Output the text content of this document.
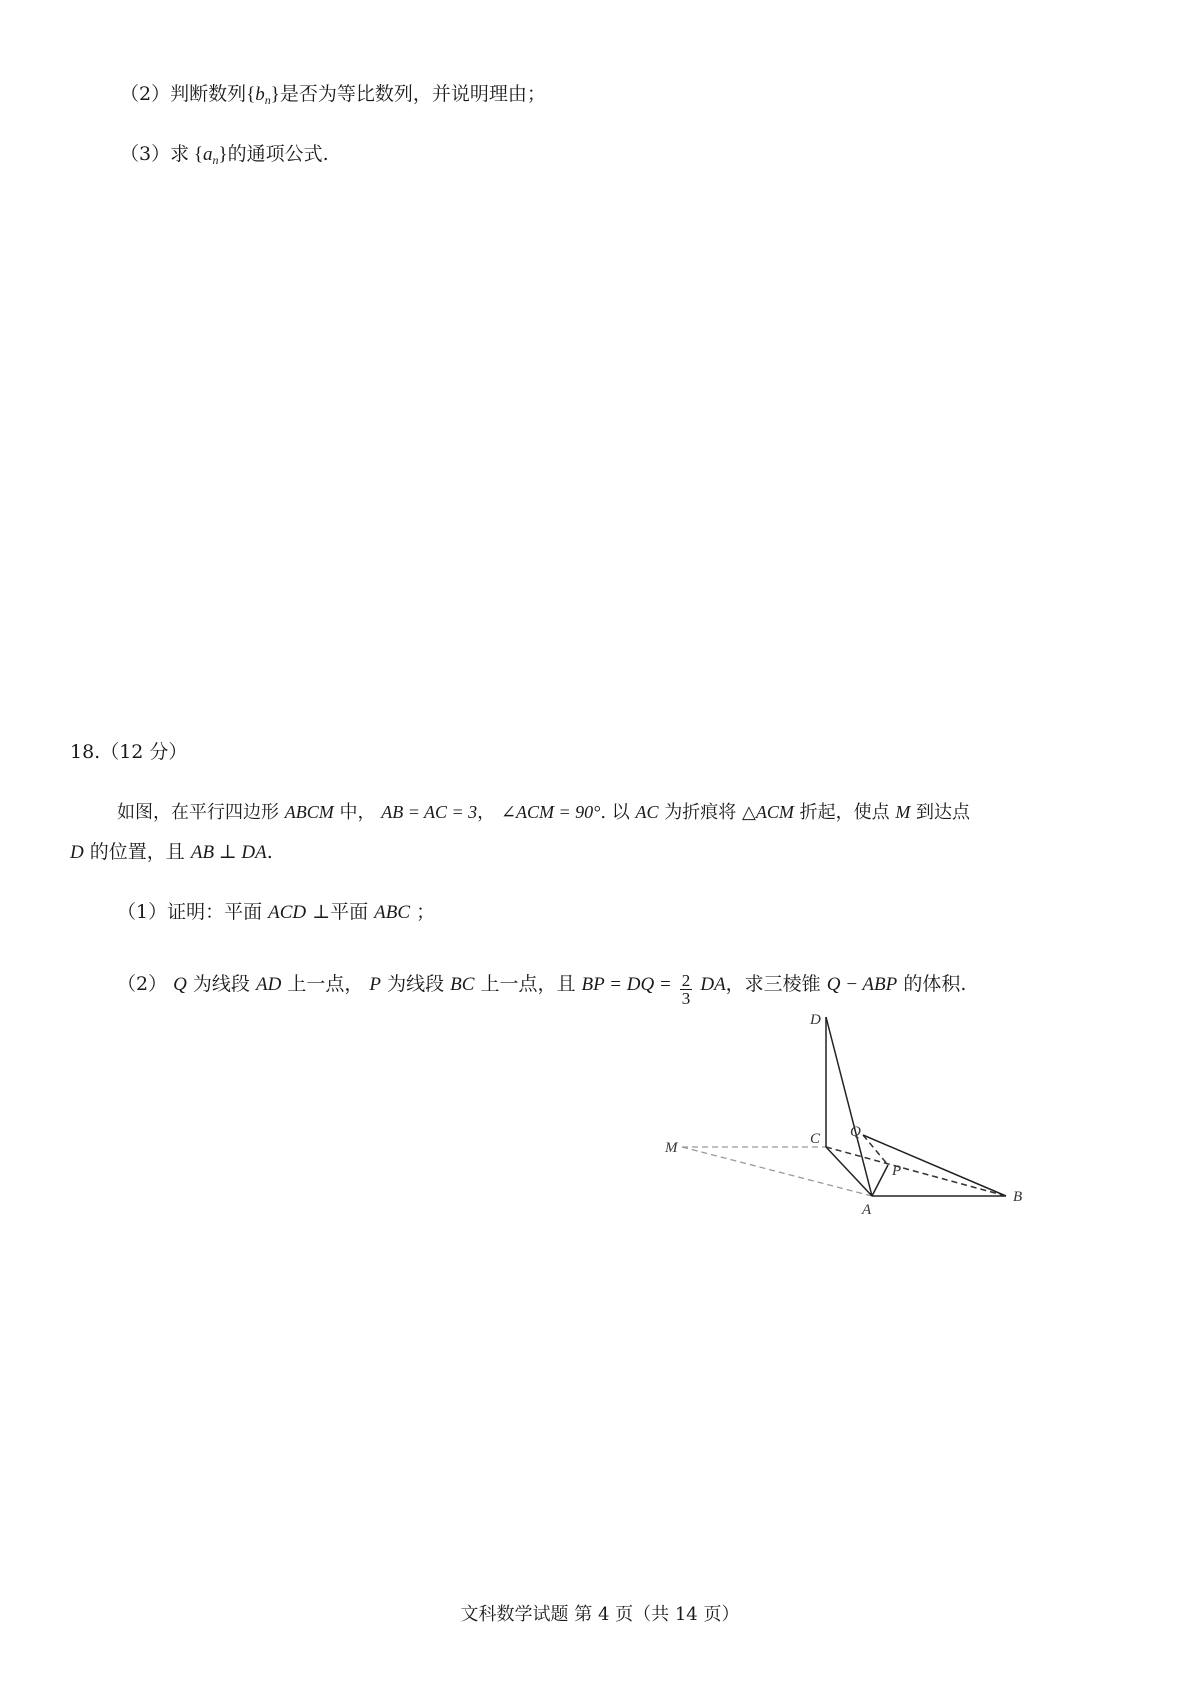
（2）判断数列$\{b_n\}$是否为等比数列，并说明理由；
（3）求 $\{a_n\}$的通项公式.
18.（12 分）
如图，在平行四边形 ABCM 中， AB = AC = 3， ∠ACM = 90°. 以 AC 为折痕将 △ACM 折起，使点 M 到达点
D 的位置，且 AB ⊥ DA.
（1）证明：平面 ACD ⊥平面 ABC ；
（2） Q 为线段 AD 上一点， P 为线段 BC 上一点，且 BP = DQ = $\frac{2}{3}$ DA，求三棱锥 Q − ABP 的体积.
D
C Q
P
M
A
B
文科数学试题 第 4 页（共 14 页）
